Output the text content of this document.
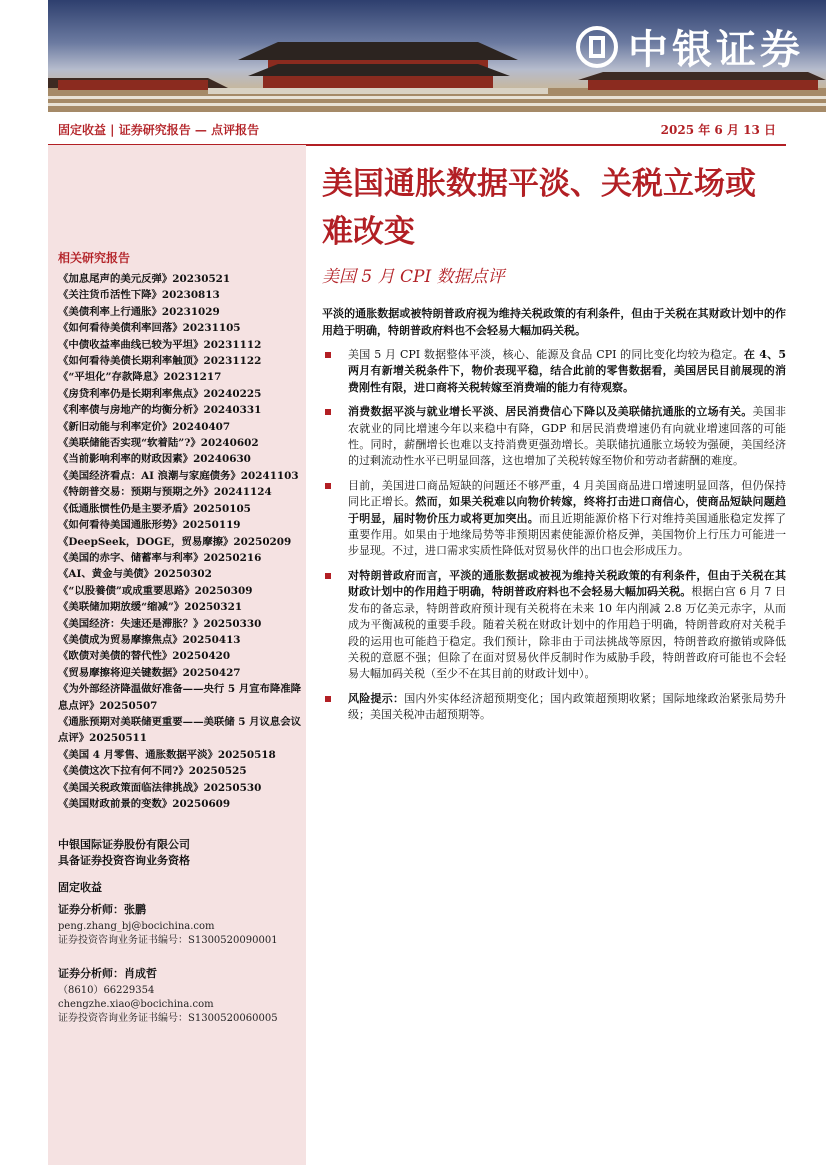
中银证券
固定收益 | 证券研究报告 — 点评报告	2025 年 6 月 13 日
相关研究报告
《加息尾声的美元反弹》20230521
《关注货币活性下降》20230813
《美债利率上行通胀》20231029
《如何看待美债利率回落》20231105
《中债收益率曲线已较为平坦》20231112
《如何看待美债长期利率触顶》20231122
《“平坦化”存款降息》20231217
《房贷利率仍是长期利率焦点》20240225
《利率债与房地产的均衡分析》20240331
《新旧动能与利率定价》20240407
《美联储能否实现“软着陆”?》20240602
《当前影响利率的财政因素》20240630
《美国经济看点：AI 浪潮与家庭债务》20241103
《特朗普交易：预期与预期之外》20241124
《低通胀惯性仍是主要矛盾》20250105
《如何看待美国通胀形势》20250119
《DeepSeek，DOGE，贸易摩擦》20250209
《美国的赤字、储蓄率与利率》20250216
《AI、黄金与美债》20250302
《“以股養债”或成重要思路》20250309
《美联储加期放缓“缩减”》20250321
《美国经济：失速还是滞胀？》20250330
《美债成为贸易摩擦焦点》20250413
《欧债对美债的替代性》20250420
《贸易摩擦将迎关键数据》20250427
《为外部经济降温做好准备——央行 5 月宣布降准降息点评》20250507
《通胀预期对美联储更重要——美联储 5 月议息会议点评》20250511
《美国 4 月零售、通胀数据平淡》20250518
《美债这次下拉有何不同?》20250525
《美国关税政策面临法律挑战》20250530
《美国财政前景的变数》20250609
中银国际证券股份有限公司
具备证券投资咨询业务资格
固定收益
证券分析师：张鹏
peng.zhang_bj@bocichina.com
证券投资咨询业务证书编号：S1300520090001
证券分析师：肖成哲
（8610）66229354
chengzhe.xiao@bocichina.com
证券投资咨询业务证书编号：S1300520060005
美国通胀数据平淡、关税立场或难改变
美国 5 月 CPI 数据点评
平淡的通胀数据或被特朗普政府视为维持关税政策的有利条件，但由于关税在其财政计划中的作用趋于明确，特朗普政府料也不会轻易大幅加码关税。
美国 5 月 CPI 数据整体平淡，核心、能源及食品 CPI 的同比变化均较为稳定。在 4、5 两月有新增关税条件下，物价表现平稳，结合此前的零售数据看，美国居民目前展现的消费刚性有限，进口商将关税转嫁至消费端的能力有待观察。
消费数据平淡与就业增长平淡、居民消费信心下降以及美联储抗通胀的立场有关。美国非农就业的同比增速今年以来稳中有降，GDP 和居民消费增速仍有向就业增速回落的可能性。同时，薪酬增长也难以支持消费更强劲增长。美联储抗通胀立场较为强硬，美国经济的过剩流动性水平已明显回落，这也增加了关税转嫁至物价和劳动者薪酬的难度。
目前，美国进口商品短缺的问题还不够严重，4 月美国商品进口增速明显回落，但仍保持同比正增长。然而，如果关税难以向物价转嫁，终将打击进口商信心，使商品短缺问题趋于明显，届时物价压力或将更加突出。而且近期能源价格下行对维持美国通胀稳定发挥了重要作用。如果由于地缘局势等非预期因素使能源价格反弹，美国物价上行压力可能进一步显现。不过，进口需求实质性降低对贸易伙伴的出口也会形成压力。
对特朗普政府而言，平淡的通胀数据或被视为维持关税政策的有利条件，但由于关税在其财政计划中的作用趋于明确，特朗普政府料也不会轻易大幅加码关税。根据白宫 6 月 7 日发布的备忘录，特朗普政府预计现有关税将在未来 10 年内削减 2.8 万亿美元赤字，从而成为平衡减税的重要手段。随着关税在财政计划中的作用趋于明确，特朗普政府对关税手段的运用也可能趋于稳定。我们预计，除非由于司法挑战等原因，特朗普政府撤销或降低关税的意愿不强；但除了在面对贸易伙伴反制时作为威胁手段，特朗普政府可能也不会轻易大幅加码关税（至少不在其目前的财政计划中）。
风险提示：国内外实体经济超预期变化；国内政策超预期收紧；国际地缘政治紧张局势升级；美国关税冲击超预期等。
